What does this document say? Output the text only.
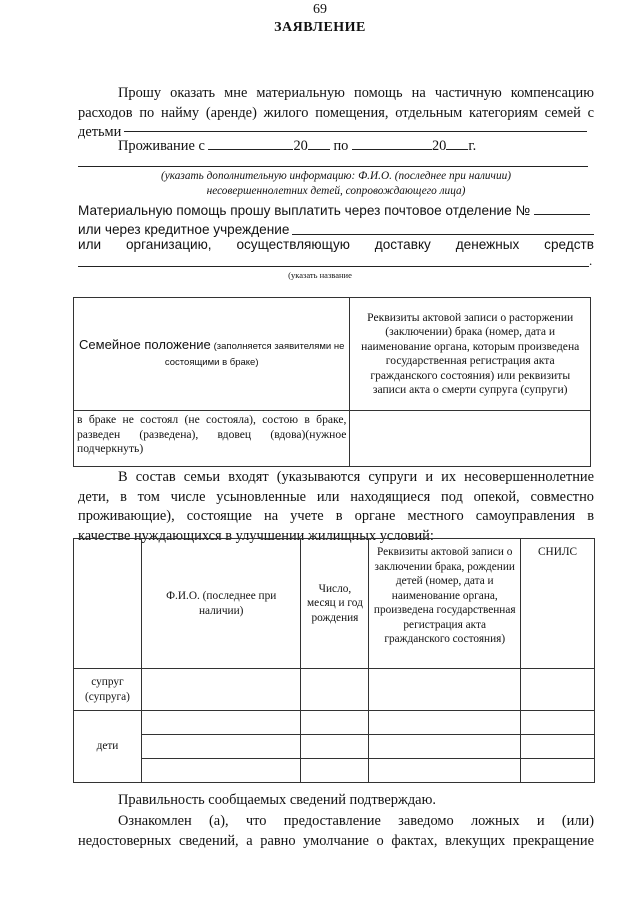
69
ЗАЯВЛЕНИЕ
Прошу оказать мне материальную помощь на частичную компенсацию
расходов по найму (аренде) жилого помещения, отдельным категориям семей с
детьми
Проживание с	20 по	20 г.
(указать дополнительную информацию: Ф.И.О. (последнее при наличии)
несовершеннолетних детей, сопровождающего лица)
Материальную помощь прошу выплатить через почтовое отделение №
или через кредитное учреждение
или организацию, осуществляющую доставку денежных средств
.
(указать название
Семейное положение (заполняется заявителями не состоящими в браке)	Реквизиты актовой записи о расторжении (заключении) брака (номер, дата и наименование органа, которым произведена государственная регистрация акта гражданского состояния) или реквизиты записи акта о смерти супруга (супруги)
в браке не состоял (не состояла), состою в браке, разведен (разведена), вдовец (вдова)(нужное подчеркнуть)	
В состав семьи входят (указываются супруги и их несовершеннолетние
дети, в том числе усыновленные или находящиеся под опекой, совместно
проживающие), состоящие на учете в органе местного самоуправления в
качестве нуждающихся в улучшении жилищных условий:
	Ф.И.О. (последнее при наличии)	Число, месяц и год рождения	Реквизиты актовой записи о заключении брака, рождении детей (номер, дата и наименование органа, произведена государственная регистрация акта гражданского состояния)	СНИЛС
супруг (супруга)				
дети				

Правильность сообщаемых сведений подтверждаю.
Ознакомлен (а), что предоставление заведомо ложных и (или)
недостоверных сведений, а равно умолчание о фактах, влекущих прекращение
